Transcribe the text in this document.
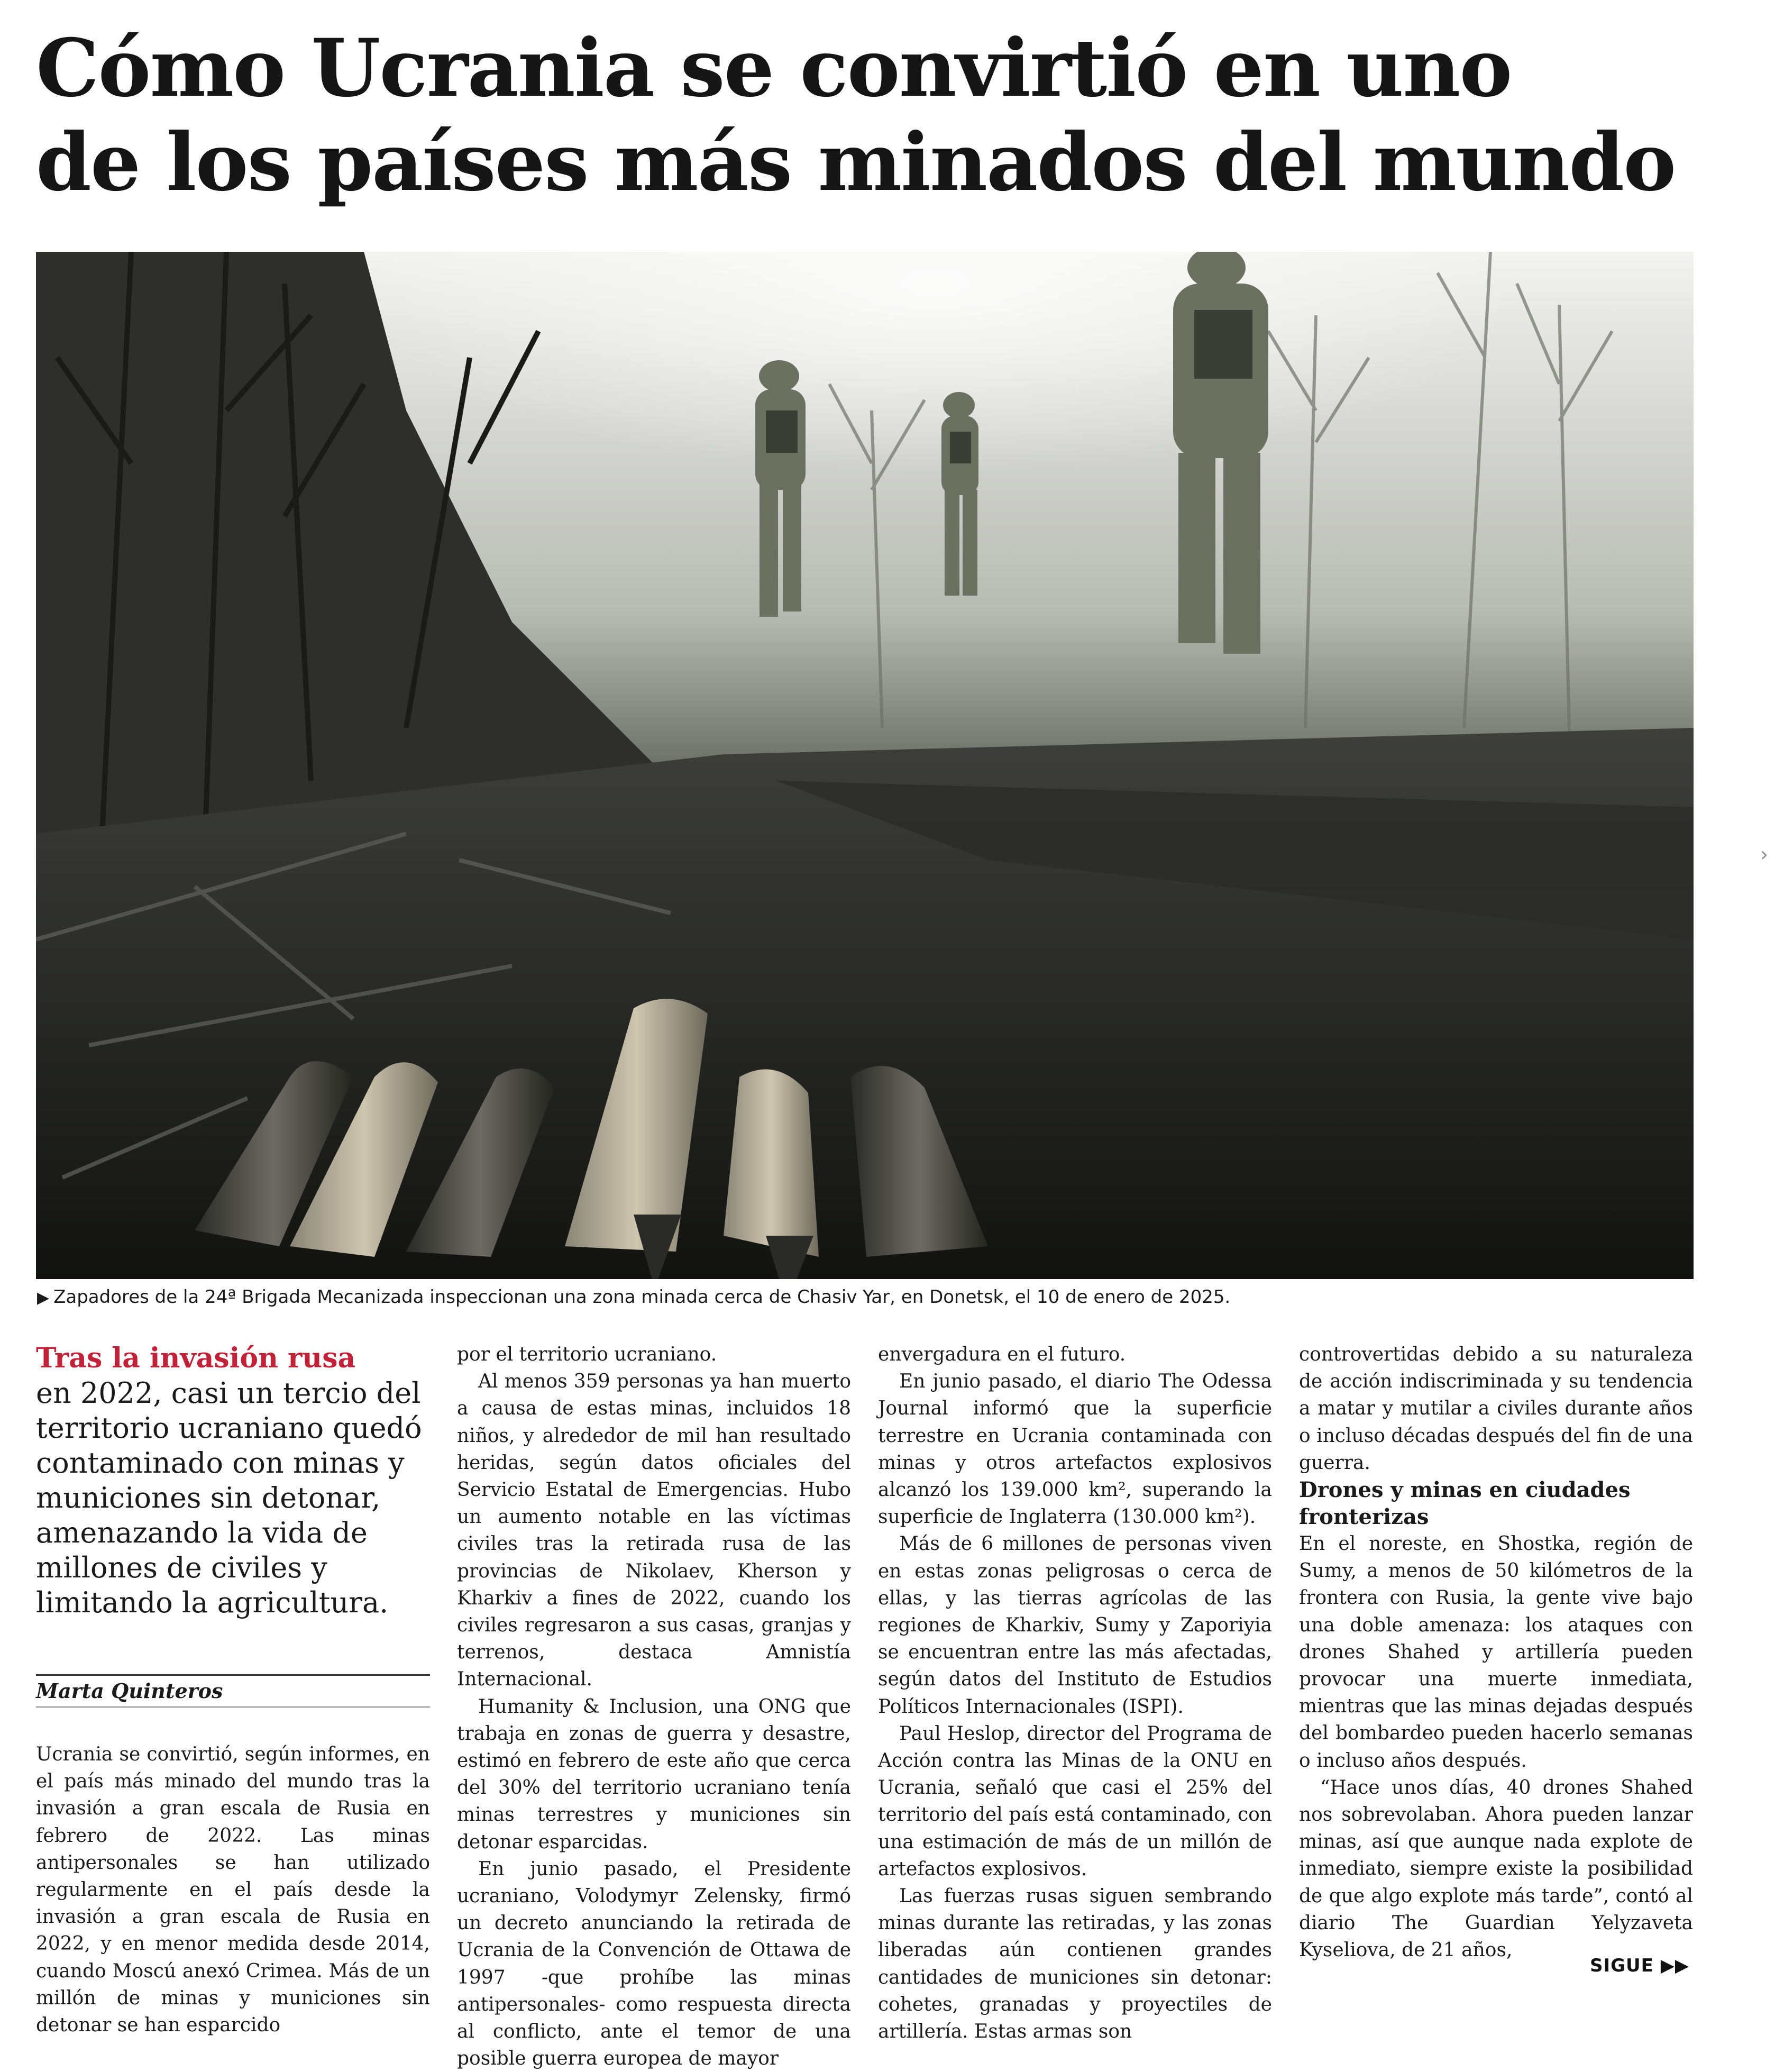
Cómo Ucrania se convirtió en uno
de los países más minados del mundo
▶ Zapadores de la 24ª Brigada Mecanizada inspeccionan una zona minada cerca de Chasiv Yar, en Donetsk, el 10 de enero de 2025.
›
Tras la invasión rusa
en 2022, casi un tercio del territorio ucraniano quedó contaminado con minas y municiones sin detonar, amenazando la vida de millones de civiles y limitando la agricultura.
Marta Quinteros

Ucrania se convirtió, según informes, en el país más minado del mundo tras la invasión a gran escala de Rusia en febrero de 2022. Las minas antipersonales se han utilizado regularmente en el país desde la invasión a gran escala de Rusia en 2022, y en menor medida desde 2014, cuando Moscú anexó Crimea. Más de un millón de minas y municiones sin detonar se han esparcido

por el territorio ucraniano.

Al menos 359 personas ya han muerto a causa de estas minas, incluidos 18 niños, y alrededor de mil han resultado heridas, según datos oficiales del Servicio Estatal de Emergencias. Hubo un aumento notable en las víctimas civiles tras la retirada rusa de las provincias de Nikolaev, Kherson y Kharkiv a fines de 2022, cuando los civiles regresaron a sus casas, granjas y terrenos, destaca Amnistía Internacional.

Humanity & Inclusion, una ONG que trabaja en zonas de guerra y desastre, estimó en febrero de este año que cerca del 30% del territorio ucraniano tenía minas terrestres y municiones sin detonar esparcidas.

En junio pasado, el Presidente ucraniano, Volodymyr Zelensky, firmó un decreto anunciando la retirada de Ucrania de la Convención de Ottawa de 1997 -que prohíbe las minas antipersonales- como respuesta directa al conflicto, ante el temor de una posible guerra europea de mayor

envergadura en el futuro.

En junio pasado, el diario The Odessa Journal informó que la superficie terrestre en Ucrania contaminada con minas y otros artefactos explosivos alcanzó los 139.000 km², superando la superficie de Inglaterra (130.000 km²).

Más de 6 millones de personas viven en estas zonas peligrosas o cerca de ellas, y las tierras agrícolas de las regiones de Kharkiv, Sumy y Zaporiyia se encuentran entre las más afectadas, según datos del Instituto de Estudios Políticos Internacionales (ISPI).

Paul Heslop, director del Programa de Acción contra las Minas de la ONU en Ucrania, señaló que casi el 25% del territorio del país está contaminado, con una estimación de más de un millón de artefactos explosivos.

Las fuerzas rusas siguen sembrando minas durante las retiradas, y las zonas liberadas aún contienen grandes cantidades de municiones sin detonar: cohetes, granadas y proyectiles de artillería. Estas armas son

controvertidas debido a su naturaleza de acción indiscriminada y su tendencia a matar y mutilar a civiles durante años o incluso décadas después del fin de una guerra.

Drones y minas en ciudades fronterizas

En el noreste, en Shostka, región de Sumy, a menos de 50 kilómetros de la frontera con Rusia, la gente vive bajo una doble amenaza: los ataques con drones Shahed y artillería pueden provocar una muerte inmediata, mientras que las minas dejadas después del bombardeo pueden hacerlo semanas o incluso años después.

“Hace unos días, 40 drones Shahed nos sobrevolaban. Ahora pueden lanzar minas, así que aunque nada explote de inmediato, siempre existe la posibilidad de que algo explote más tarde”, contó al diario The Guardian Yelyzaveta Kyseliova, de 21 años,

SIGUE ▶▶
